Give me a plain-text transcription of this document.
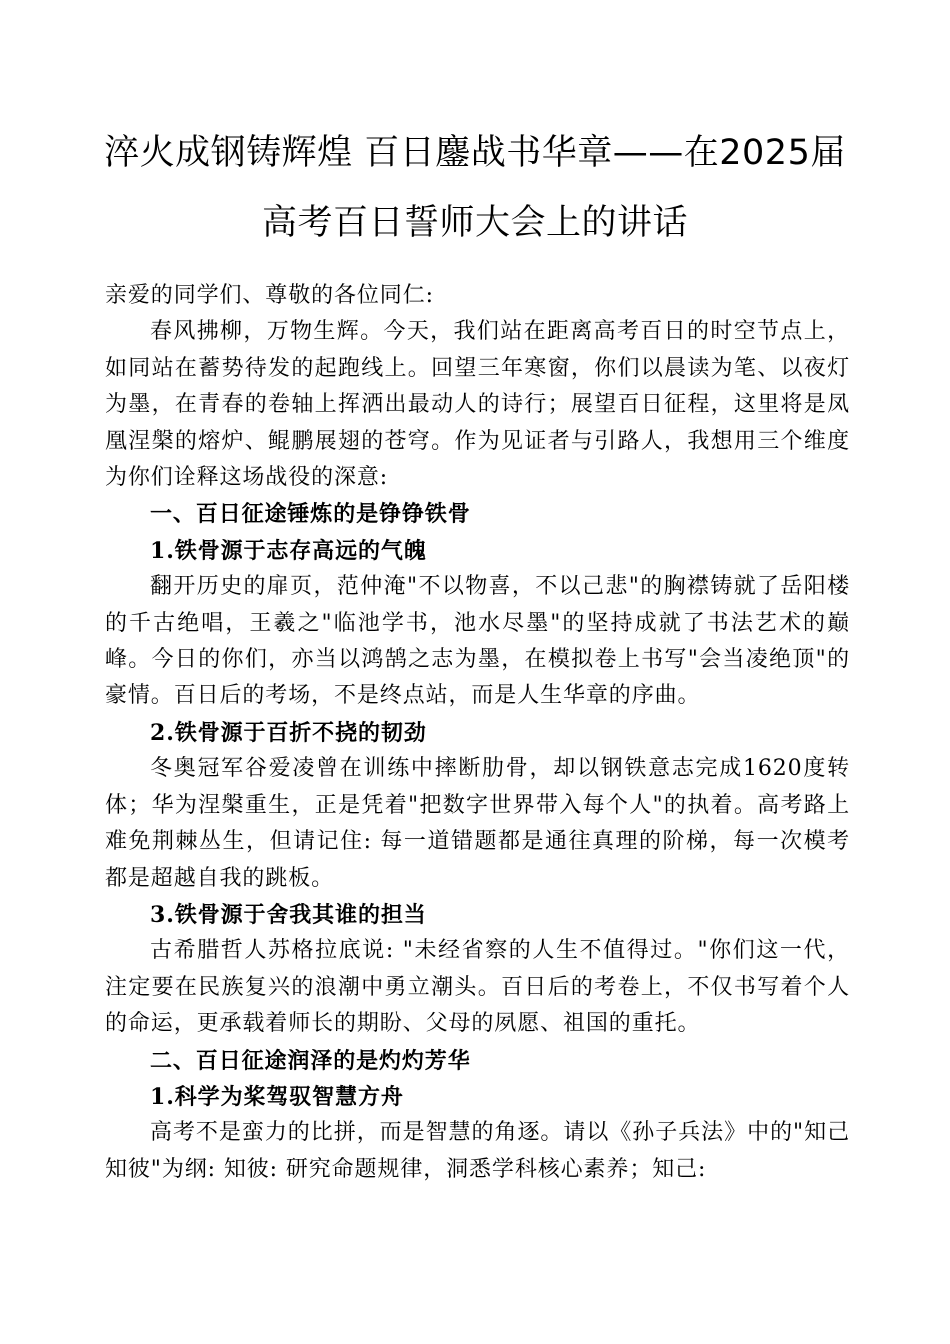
淬火成钢铸辉煌 百日鏖战书华章——在2025届
高考百日誓师大会上的讲话

亲爱的同学们、尊敬的各位同仁:

春风拂柳，万物生辉。今天，我们站在距离高考百日的时空节点上，如同站在蓄势待发的起跑线上。回望三年寒窗，你们以晨读为笔、以夜灯为墨，在青春的卷轴上挥洒出最动人的诗行；展望百日征程，这里将是凤凰涅槃的熔炉、鲲鹏展翅的苍穹。作为见证者与引路人，我想用三个维度为你们诠释这场战役的深意:

一、百日征途锤炼的是铮铮铁骨

1.铁骨源于志存高远的气魄

翻开历史的扉页，范仲淹"不以物喜，不以己悲"的胸襟铸就了岳阳楼的千古绝唱，王羲之"临池学书，池水尽墨"的坚持成就了书法艺术的巅峰。今日的你们，亦当以鸿鹄之志为墨，在模拟卷上书写"会当凌绝顶"的豪情。百日后的考场，不是终点站，而是人生华章的序曲。

2.铁骨源于百折不挠的韧劲

冬奥冠军谷爱凌曾在训练中摔断肋骨，却以钢铁意志完成1620度转体；华为涅槃重生，正是凭着"把数字世界带入每个人"的执着。高考路上难免荆棘丛生，但请记住: 每一道错题都是通往真理的阶梯，每一次模考都是超越自我的跳板。

3.铁骨源于舍我其谁的担当

古希腊哲人苏格拉底说: "未经省察的人生不值得过。"你们这一代，注定要在民族复兴的浪潮中勇立潮头。百日后的考卷上，不仅书写着个人的命运，更承载着师长的期盼、父母的夙愿、祖国的重托。

二、百日征途润泽的是灼灼芳华

1.科学为桨驾驭智慧方舟

高考不是蛮力的比拼，而是智慧的角逐。请以《孙子兵法》中的"知己知彼"为纲: 知彼: 研究命题规律，洞悉学科核心素养；知己:
